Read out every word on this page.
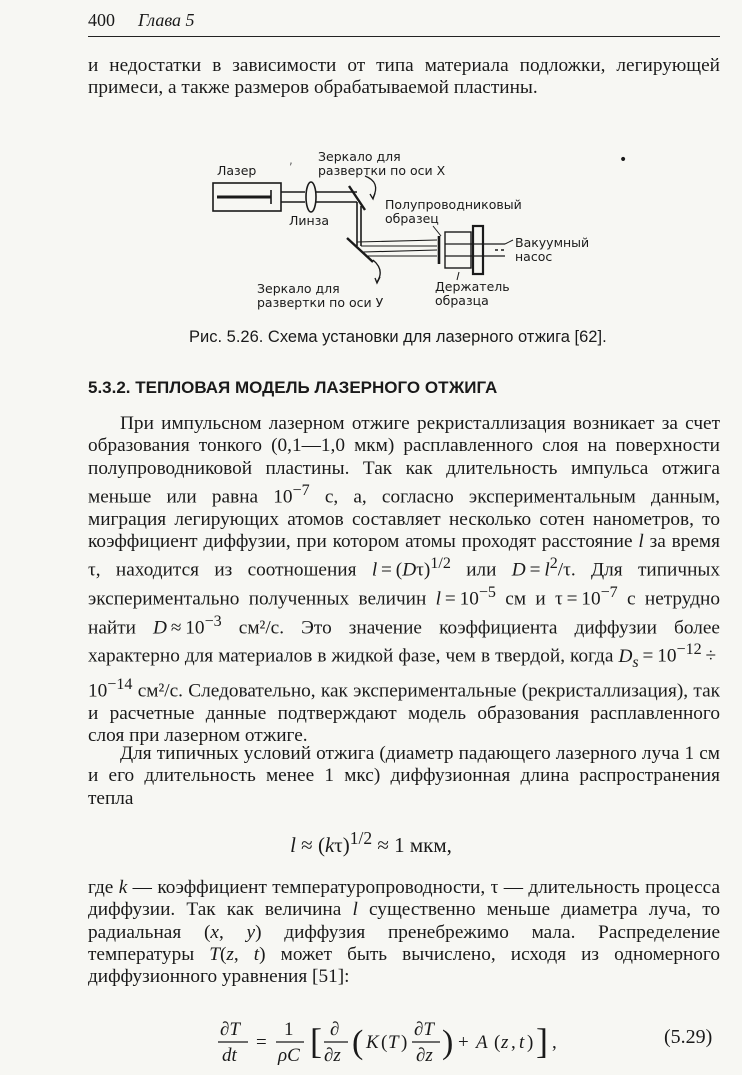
400 Глава 5

и недостатки в зависимости от типа материала подложки, легирующей примеси, а также размеров обрабатываемой пластины.

•
,
Лазер
Зеркало для
развертки по оси Х
Линза
Полупроводниковый
образец
Вакуумный
насос
Зеркало для
развертки по оси У
Держатель
образца
Рис. 5.26. Схема установки для лазерного отжига [62].
5.3.2. ТЕПЛОВАЯ МОДЕЛЬ ЛАЗЕРНОГО ОТЖИГА

При импульсном лазерном отжиге рекристаллизация возникает за счет образования тонкого (0,1—1,0 мкм) расплавленного слоя на поверхности полупроводниковой пластины. Так как длительность импульса отжига меньше или равна $10^{-7}$ с, а, согласно экспериментальным данным, миграция легирующих атомов составляет несколько сотен нанометров, то коэффициент диффузии, при котором атомы проходят расстояние l за время τ, находится из соотношения $l = (D\tau)^{1/2}$ или $D = l^2/\tau$. Для типичных экспериментально полученных величин $l = 10^{-5}$ см и $\tau = 10^{-7}$ с нетрудно найти $D \approx 10^{-3}$ см²/с. Это значение коэффициента диффузии более характерно для материалов в жидкой фазе, чем в твердой, когда $D_s = 10^{-12} \div 10^{-14}$ см²/с. Следовательно, как экспериментальные (рекристаллизация), так и расчетные данные подтверждают модель образования расплавленного слоя при лазерном отжиге.

Для типичных условий отжига (диаметр падающего лазерного луча 1 см и его длительность менее 1 мкс) диффузионная длина распространения тепла

$l \approx (k\tau)^{1/2} \approx 1$ мкм,

где k — коэффициент температуропроводности, τ — длительность процесса диффузии. Так как величина l существенно меньше диаметра луча, то радиальная (x, y) диффузия пренебрежимо мала. Распределение температуры T(z, t) может быть вычислено, исходя из одномерного диффузионного уравнения [51]:

∂T
dt
=
1
ρC [ ∂
∂z ( K ( T )
∂T
∂z ) + A ( z , t ) ] ,	(5.29)
